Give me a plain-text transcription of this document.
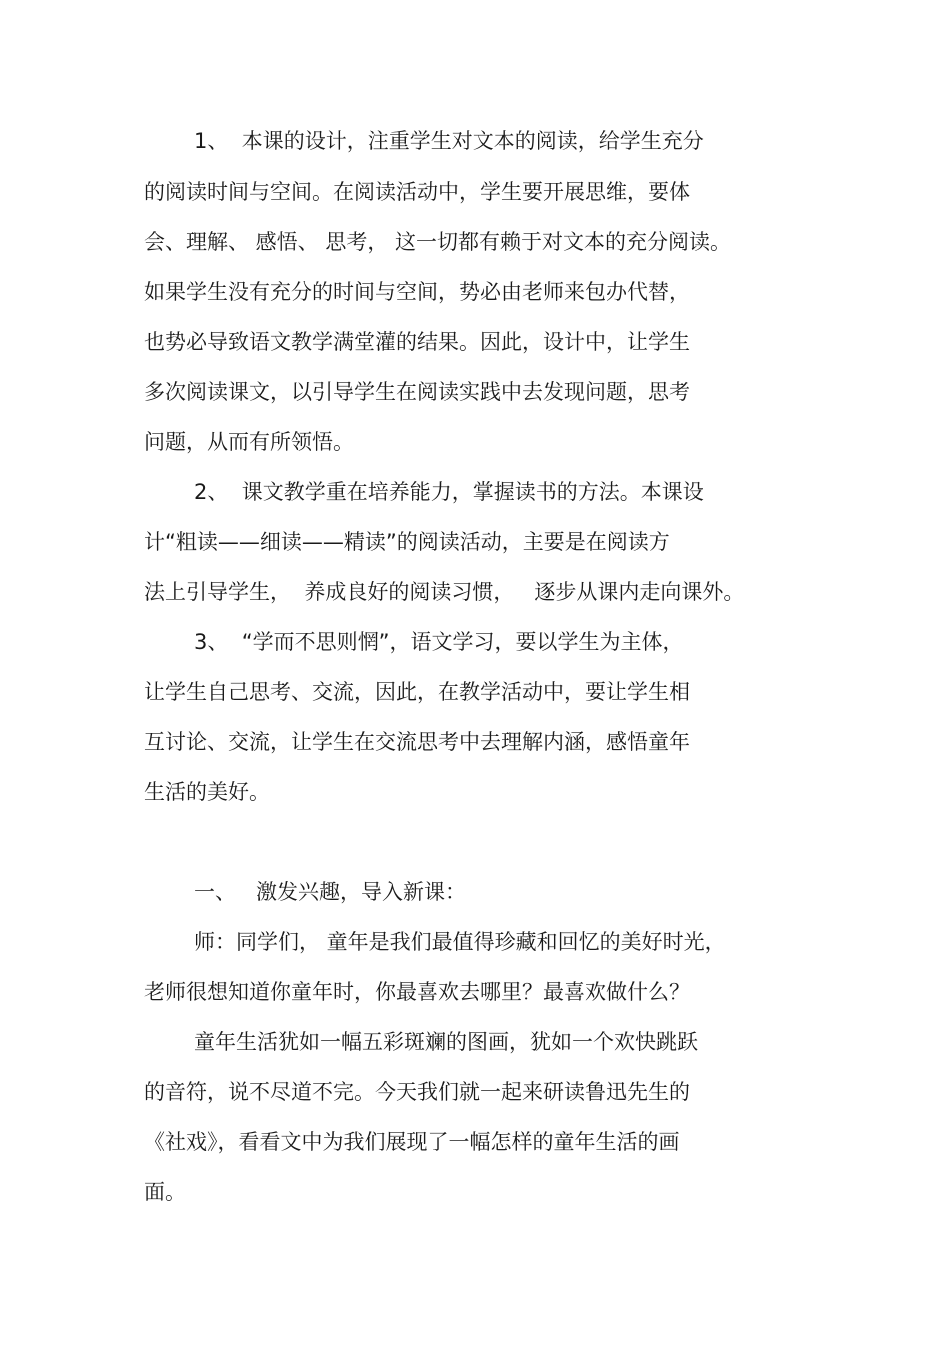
1、  本课的设计，注重学生对文本的阅读，给学生充分
的阅读时间与空间。在阅读活动中，学生要开展思维，要体
会、理解、 感悟、 思考， 这一切都有赖于对文本的充分阅读。
如果学生没有充分的时间与空间，势必由老师来包办代替，
也势必导致语文教学满堂灌的结果。因此，设计中，让学生
多次阅读课文，以引导学生在阅读实践中去发现问题，思考
问题，从而有所领悟。
2、  课文教学重在培养能力，掌握读书的方法。本课设
计“粗读——细读——精读”的阅读活动，主要是在阅读方
法上引导学生，  养成良好的阅读习惯，   逐步从课内走向课外。
3、  “学而不思则惘”，语文学习，要以学生为主体，
让学生自己思考、交流，因此，在教学活动中，要让学生相
互讨论、交流，让学生在交流思考中去理解内涵，感悟童年
生活的美好。
一、   激发兴趣，导入新课：
师：同学们， 童年是我们最值得珍藏和回忆的美好时光，
老师很想知道你童年时，你最喜欢去哪里？最喜欢做什么？
童年生活犹如一幅五彩斑斓的图画，犹如一个欢快跳跃
的音符，说不尽道不完。今天我们就一起来研读鲁迅先生的
《社戏》，看看文中为我们展现了一幅怎样的童年生活的画
面。
